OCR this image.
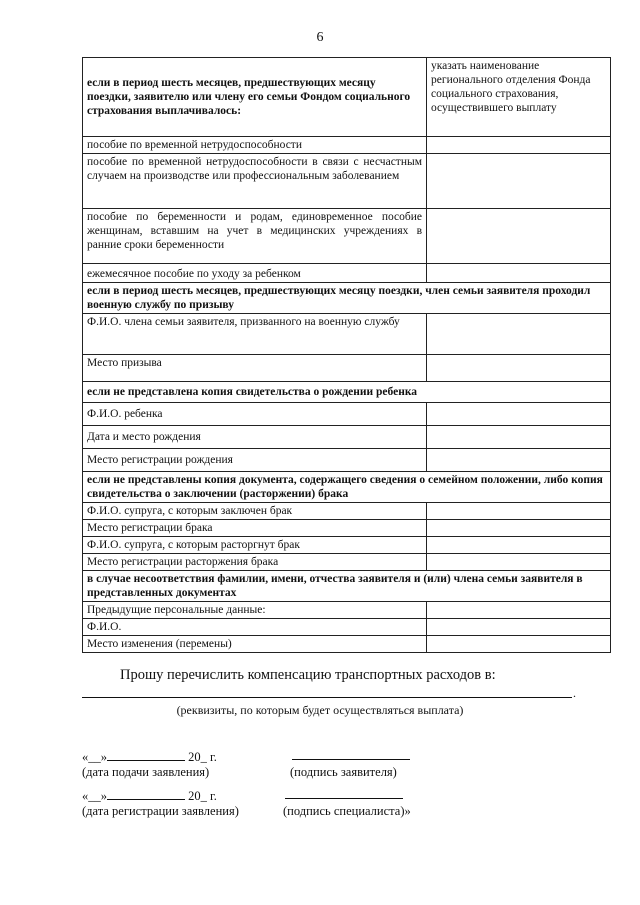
6
если в период шесть месяцев, предшествующих месяцу поездки, заявителю или члену его семьи Фондом социального страхования выплачивалось:	указать наименование регионального отделения Фонда социального страхования, осуществившего выплату
пособие по временной нетрудоспособности	
пособие по временной нетрудоспособности в связи с несчастным случаем на производстве или профессиональным заболеванием	
пособие по беременности и родам, единовременное пособие женщинам, вставшим на учет в медицинских учреждениях в ранние сроки беременности	
ежемесячное пособие по уходу за ребенком	
если в период шесть месяцев, предшествующих месяцу поездки, член семьи заявителя проходил военную службу по призыву	
Ф.И.О. члена семьи заявителя, призванного на военную службу	
Место призыва	
если не представлена копия свидетельства о рождении ребенка	
Ф.И.О. ребенка	
Дата и место рождения	
Место регистрации рождения	
если не представлены копия документа, содержащего сведения о семейном положении, либо копия свидетельства о заключении (расторжении) брака	
Ф.И.О. супруга, с которым заключен брак	
Место регистрации брака	
Ф.И.О. супруга, с которым расторгнут брак	
Место регистрации расторжения брака	
в случае несоответствия фамилии, имени, отчества заявителя и (или) члена семьи заявителя в представленных документах	
Предыдущие персональные данные:	
Ф.И.О.	
Место изменения (перемены)	
Прошу перечислить компенсацию транспортных расходов в:
.
(реквизиты, по которым будет осуществляться выплата)
«__»	20_ г.
(дата подачи заявления)	(подпись заявителя)
«__»	20_ г.
(дата регистрации заявления)	(подпись специалиста)»
